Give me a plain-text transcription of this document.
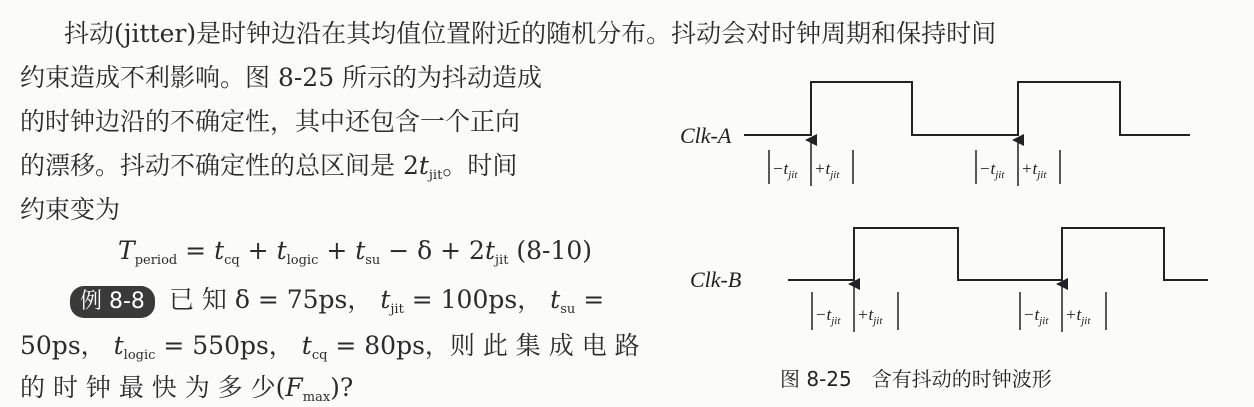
抖动(jitter)是时钟边沿在其均值位置附近的随机分布。抖动会对时钟周期和保持时间
约束造成不利影响。图 8-25 所示的为抖动造成
的时钟边沿的不确定性，其中还包含一个正向
的漂移。抖动不确定性的总区间是 $2t_{jit}$。时间
约束变为
$T_{period} = t_{cq} + t_{logic} + t_{su} - \delta + 2t_{jit}$ (8-10)
例 8-8 已 知 δ = 75ps， $t_{jit} = 100ps$， $t_{su}$ =
50ps， $t_{logic} = 550ps$， $t_{cq} = 80ps$，则 此 集 成 电 路
的 时 钟 最 快 为 多 少$(F_{max})$?
Clk-A
$-t_{jit} +t_{jit}$	$-t_{jit} +t_{jit}$
Clk-B
$-t_{jit} +t_{jit}$	$-t_{jit} +t_{jit}$
图 8-25　含有抖动的时钟波形
